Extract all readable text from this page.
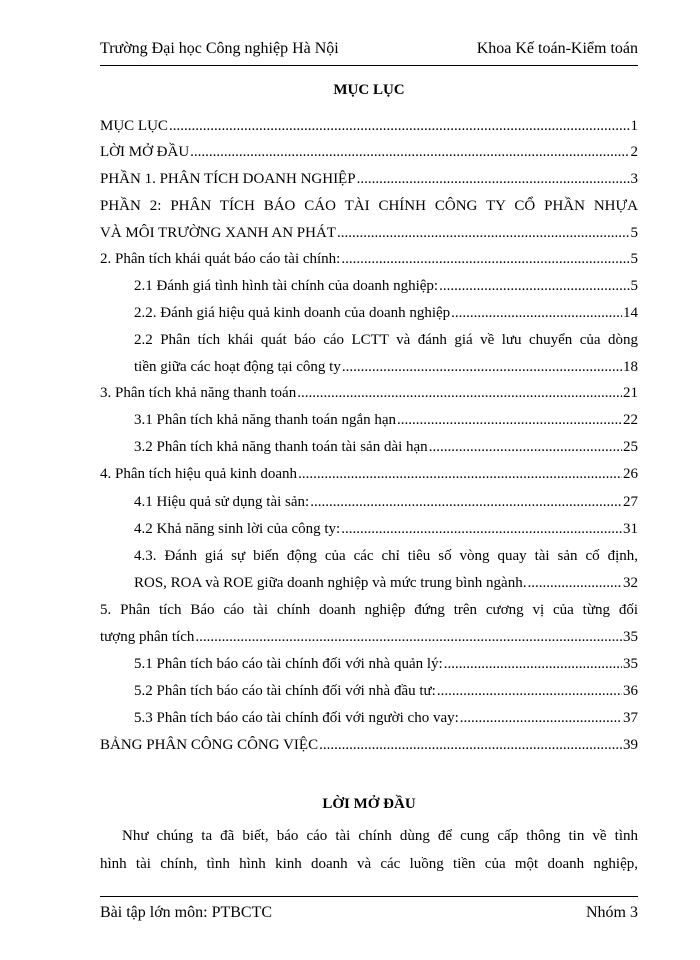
Trường Đại học Công nghiệp Hà Nội	Khoa Kế toán-Kiểm toán
MỤC LỤC
MỤC LỤC .....	1
LỜI MỞ ĐẦU .....	2
PHẦN 1. PHÂN TÍCH DOANH NGHIỆP .....	3
PHẦN 2: PHÂN TÍCH BÁO CÁO TÀI CHÍNH CÔNG TY CỔ PHẦN NHỰA
VÀ MÔI TRƯỜNG XANH AN PHÁT .....	5
2. Phân tích khái quát báo cáo tài chính: .....	5
2.1 Đánh giá tình hình tài chính của doanh nghiệp: .....	5
2.2. Đánh giá hiệu quả kinh doanh của doanh nghiệp .....	14
2.2 Phân tích khái quát báo cáo LCTT và đánh giá về lưu chuyển của dòng
tiền giữa các hoạt động tại công ty .....	18
3. Phân tích khả năng thanh toán .....	21
3.1 Phân tích khả năng thanh toán ngắn hạn .....	22
3.2 Phân tích khả năng thanh toán tài sản dài hạn .....	25
4. Phân tích hiệu quả kinh doanh .....	26
4.1 Hiệu quả sử dụng tài sản: .....	27
4.2 Khả năng sinh lời của công ty: .....	31
4.3. Đánh giá sự biến động của các chỉ tiêu số vòng quay tài sản cố định,
ROS, ROA và ROE giữa doanh nghiệp và mức trung bình ngành. .....	32
5. Phân tích Báo cáo tài chính doanh nghiệp đứng trên cương vị của từng đối
tượng phân tích .....	35
5.1 Phân tích báo cáo tài chính đối với nhà quản lý: .....	35
5.2 Phân tích báo cáo tài chính đối với nhà đầu tư: .....	36
5.3 Phân tích báo cáo tài chính đối với người cho vay: .....	37
BẢNG PHÂN CÔNG CÔNG VIỆC .....	39
LỜI MỞ ĐẦU

Như chúng ta đã biết, báo cáo tài chính dùng để cung cấp thông tin về tình

hình tài chính, tình hình kinh doanh và các luồng tiền của một doanh nghiệp,

Bài tập lớn môn: PTBCTC	Nhóm 3
